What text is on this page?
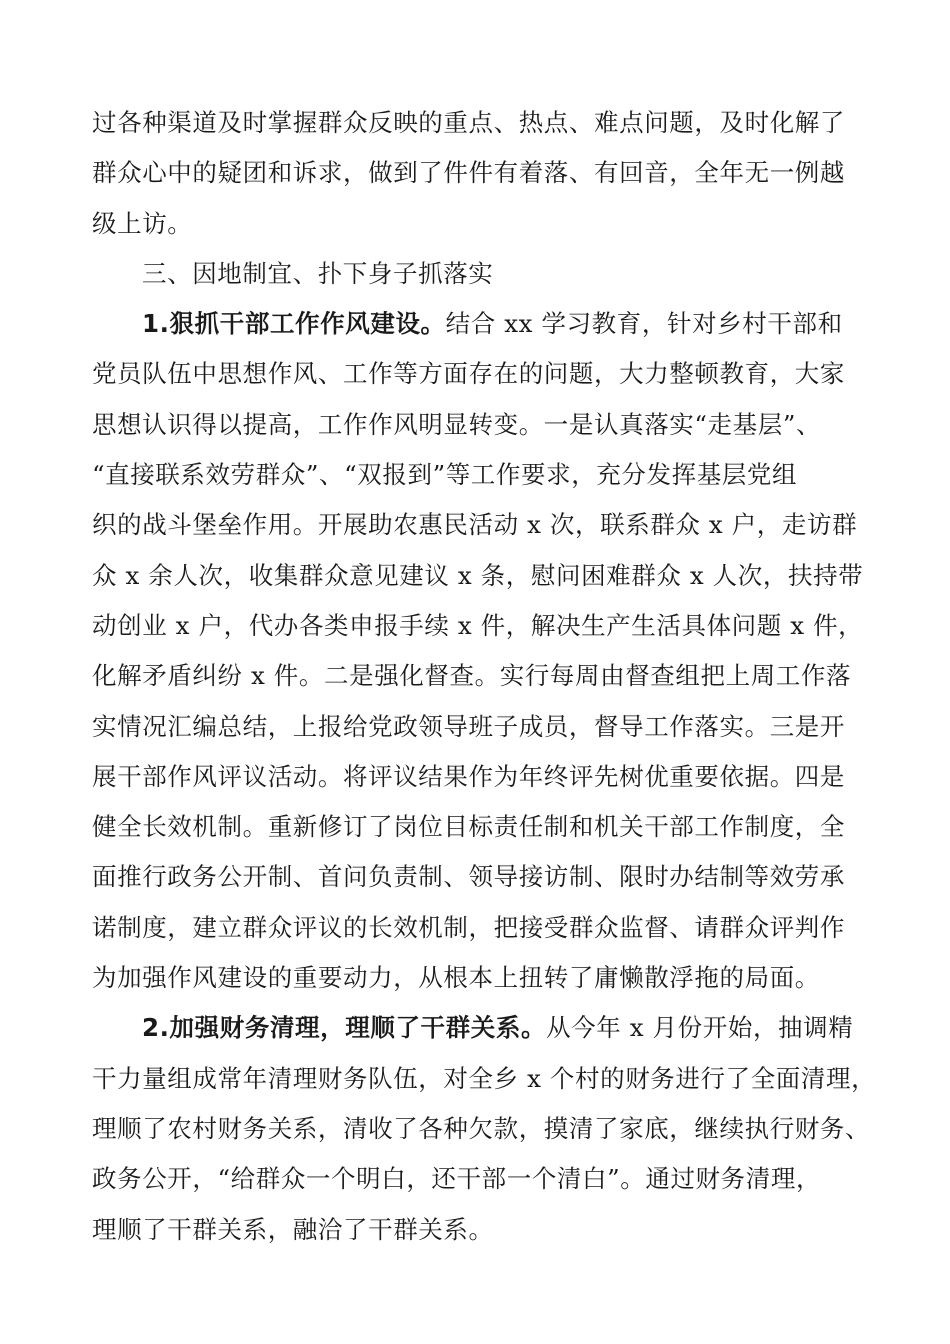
过各种渠道及时掌握群众反映的重点、热点、难点问题，及时化解了
群众心中的疑团和诉求，做到了件件有着落、有回音，全年无一例越
级上访。
三、因地制宜、扑下身子抓落实
1.狠抓干部工作作风建设。结合 xx 学习教育，针对乡村干部和
党员队伍中思想作风、工作等方面存在的问题，大力整顿教育，大家
思想认识得以提高，工作作风明显转变。一是认真落实“走基层”、
“直接联系效劳群众”、“双报到”等工作要求，充分发挥基层党组
织的战斗堡垒作用。开展助农惠民活动 x 次，联系群众 x 户，走访群
众 x 余人次，收集群众意见建议 x 条，慰问困难群众 x 人次，扶持带
动创业 x 户，代办各类申报手续 x 件，解决生产生活具体问题 x 件，
化解矛盾纠纷 x 件。二是强化督查。实行每周由督查组把上周工作落
实情况汇编总结，上报给党政领导班子成员，督导工作落实。三是开
展干部作风评议活动。将评议结果作为年终评先树优重要依据。四是
健全长效机制。重新修订了岗位目标责任制和机关干部工作制度，全
面推行政务公开制、首问负责制、领导接访制、限时办结制等效劳承
诺制度，建立群众评议的长效机制，把接受群众监督、请群众评判作
为加强作风建设的重要动力，从根本上扭转了庸懒散浮拖的局面。
2.加强财务清理，理顺了干群关系。从今年 x 月份开始，抽调精
干力量组成常年清理财务队伍，对全乡 x 个村的财务进行了全面清理，
理顺了农村财务关系，清收了各种欠款，摸清了家底，继续执行财务、
政务公开，“给群众一个明白，还干部一个清白”。通过财务清理，
理顺了干群关系，融洽了干群关系。
